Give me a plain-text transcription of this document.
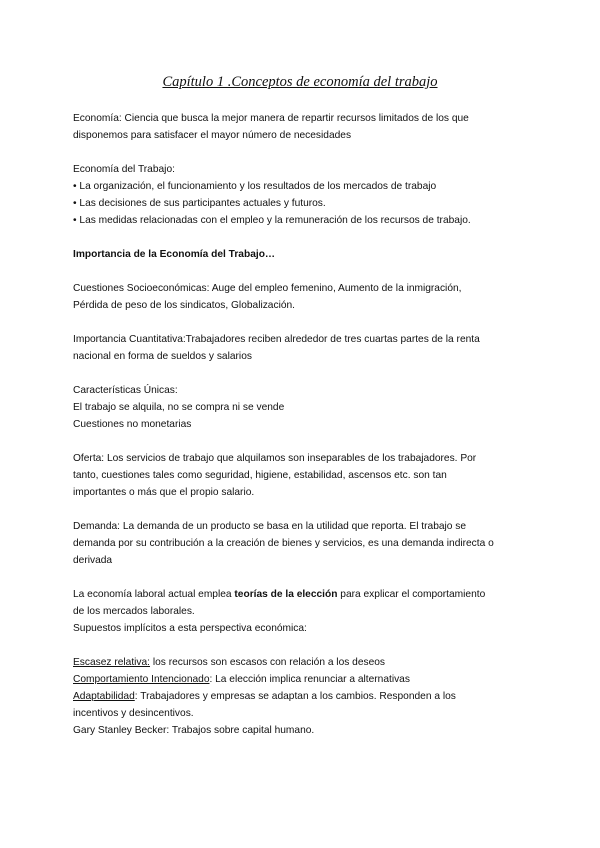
Capítulo 1 .Conceptos de economía del trabajo
Economía: Ciencia que busca la mejor manera de repartir recursos limitados de los que
disponemos para satisfacer el mayor número de necesidades
Economía del Trabajo:
• La organización, el funcionamiento y los resultados de los mercados de trabajo
• Las decisiones de sus participantes actuales y futuros.
• Las medidas relacionadas con el empleo y la remuneración de los recursos de trabajo.
Importancia de la Economía del Trabajo…
Cuestiones Socioeconómicas: Auge del empleo femenino, Aumento de la inmigración,
Pérdida de peso de los sindicatos, Globalización.
Importancia Cuantitativa:Trabajadores reciben alrededor de tres cuartas partes de la renta
nacional en forma de sueldos y salarios
Características Únicas:
El trabajo se alquila, no se compra ni se vende
Cuestiones no monetarias
Oferta: Los servicios de trabajo que alquilamos son inseparables de los trabajadores. Por
tanto, cuestiones tales como seguridad, higiene, estabilidad, ascensos etc. son tan
importantes o más que el propio salario.
Demanda: La demanda de un producto se basa en la utilidad que reporta. El trabajo se
demanda por su contribución a la creación de bienes y servicios, es una demanda indirecta o
derivada
La economía laboral actual emplea teorías de la elección para explicar el comportamiento
de los mercados laborales.
Supuestos implícitos a esta perspectiva económica:
Escasez relativa: los recursos son escasos con relación a los deseos
Comportamiento Intencionado: La elección implica renunciar a alternativas
Adaptabilidad: Trabajadores y empresas se adaptan a los cambios. Responden a los
incentivos y desincentivos.
Gary Stanley Becker: Trabajos sobre capital humano.
